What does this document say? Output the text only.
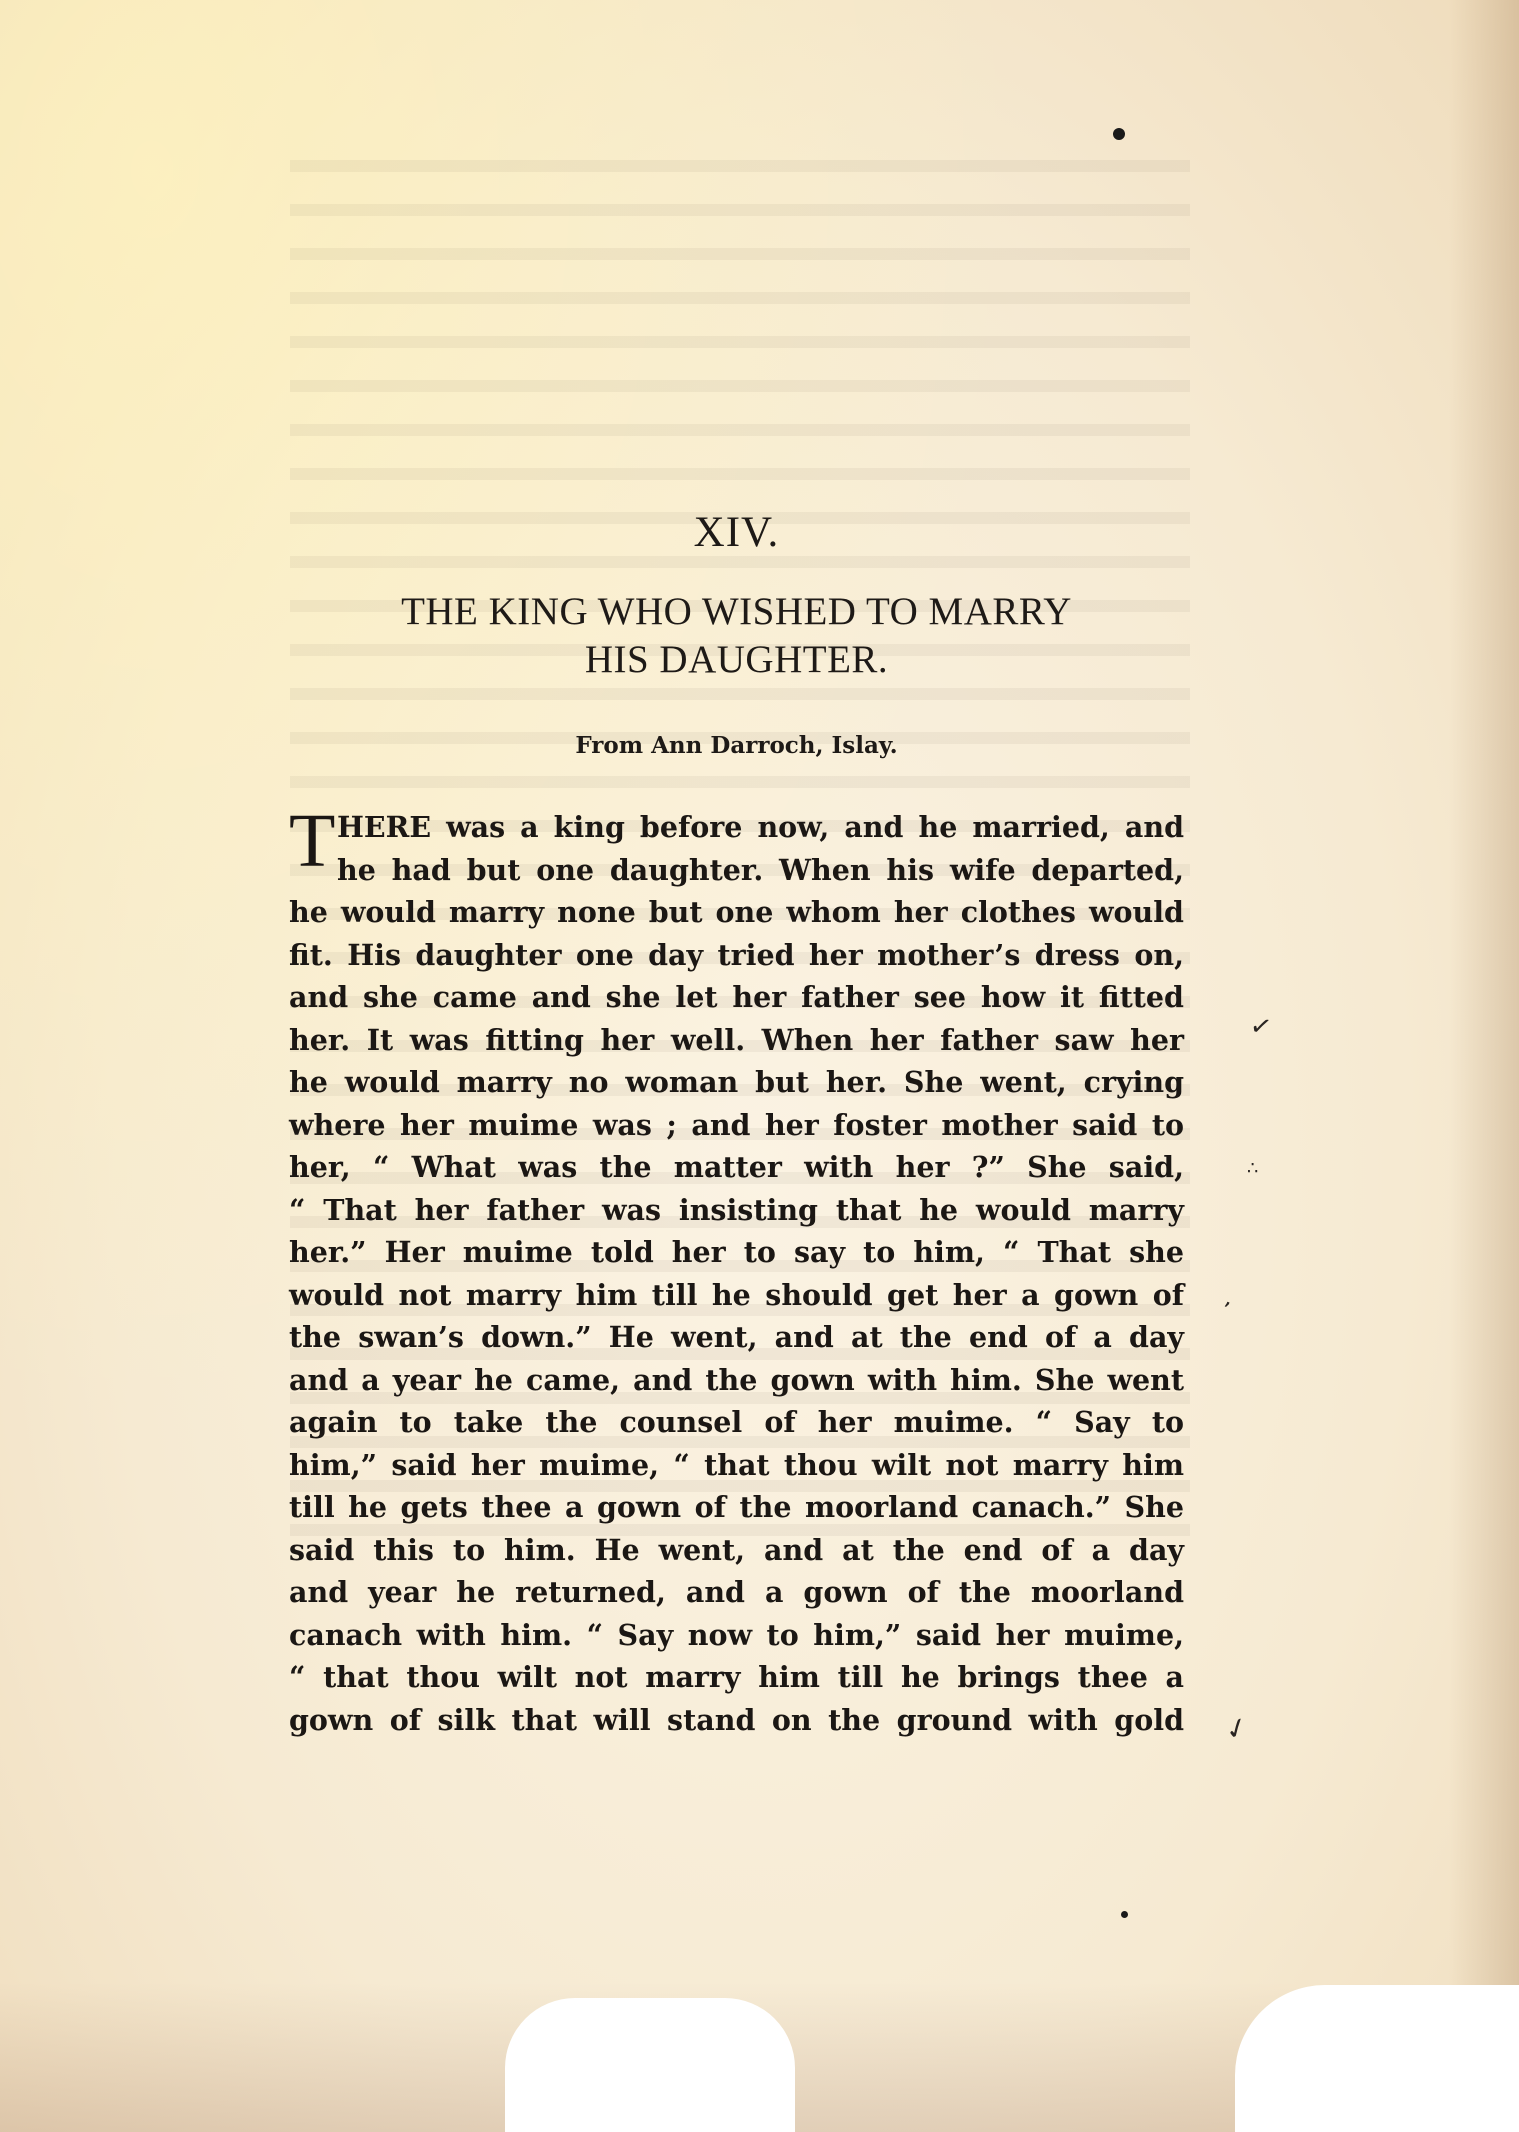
✓
∴
,
✓
XIV.
THE KING WHO WISHED TO MARRY
HIS DAUGHTER.
From Ann Darroch, Islay.
T HERE was a king before now, and he married, and
he had but one daughter. When his wife departed,
he would marry none but one whom her clothes would
fit. His daughter one day tried her mother’s dress on,
and she came and she let her father see how it fitted
her. It was fitting her well. When her father saw her
he would marry no woman but her. She went, crying
where her muime was ; and her foster mother said to
her, “ What was the matter with her ?” She said,
“ That her father was insisting that he would marry
her.” Her muime told her to say to him, “ That she
would not marry him till he should get her a gown of
the swan’s down.” He went, and at the end of a day
and a year he came, and the gown with him. She went
again to take the counsel of her muime. “ Say to
him,” said her muime, “ that thou wilt not marry him
till he gets thee a gown of the moorland canach.” She
said this to him. He went, and at the end of a day
and year he returned, and a gown of the moorland
canach with him. “ Say now to him,” said her muime,
“ that thou wilt not marry him till he brings thee a
gown of silk that will stand on the ground with gold
